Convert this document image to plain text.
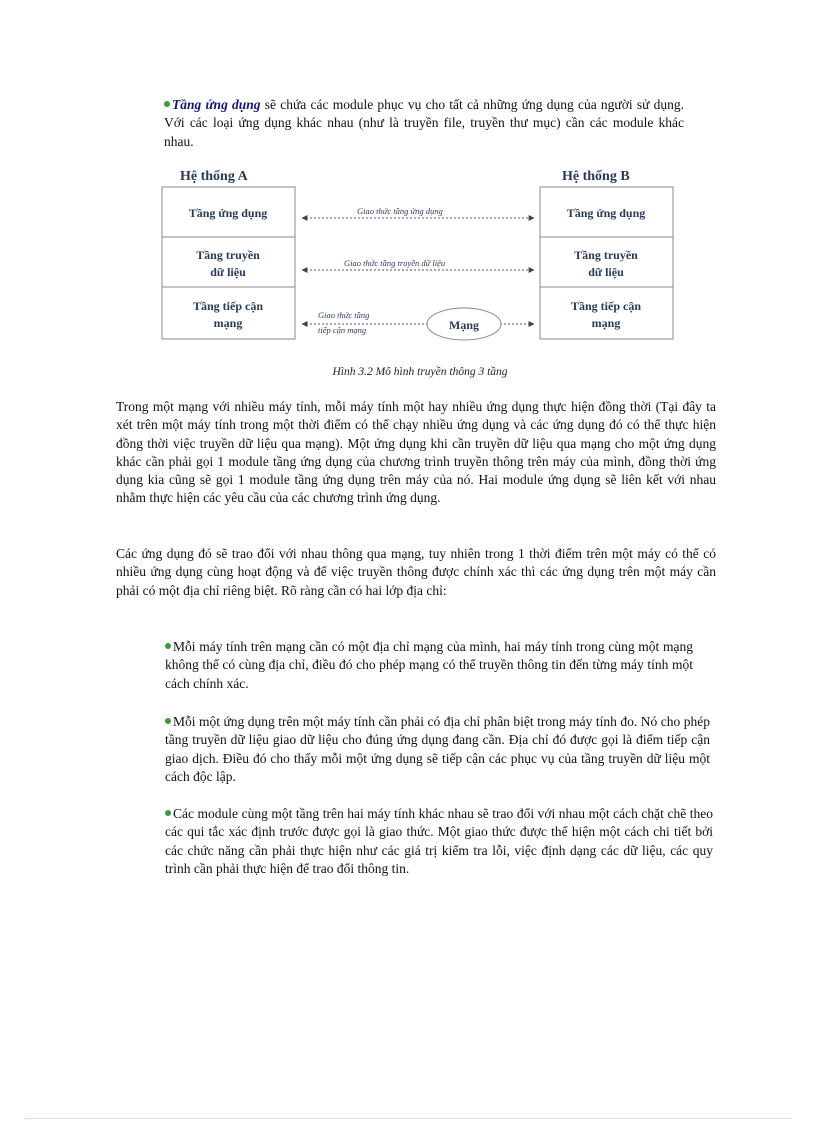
Tầng ứng dụng sẽ chứa các module phục vụ cho tất cả những ứng dụng của người sử dụng. Với các loại ứng dụng khác nhau (như là truyền file, truyền thư mục) cần các module khác nhau.
Hệ thống A	Hệ thống B
Tầng ứng dụng
Tầng truyền
dữ liệu
Tầng tiếp cận
mạng
Tầng ứng dụng
Tầng truyền
dữ liệu
Tầng tiếp cận
mạng
Giao thức tầng ứng dụng
Giao thức tầng truyền dữ liệu
Giao thức tầng
tiếp cận mạng	Mạng
Hình 3.2 Mô hình truyền thông 3 tầng
Trong một mạng với nhiều máy tính, mỗi máy tính một hay nhiều ứng dụng thực hiện đồng thời (Tại đây ta xét trên một máy tính trong một thời điểm có thể chạy nhiều ứng dụng và các ứng dụng đó có thể thực hiện đồng thời việc truyền dữ liệu qua mạng). Một ứng dụng khi cần truyền dữ liệu qua mạng cho một ứng dụng khác cần phải gọi 1 module tầng ứng dụng của chương trình truyền thông trên máy của mình, đồng thời ứng dụng kia cũng sẽ gọi 1 module tầng ứng dụng trên máy của nó. Hai module ứng dụng sẽ liên kết với nhau nhằm thực hiện các yêu cầu của các chương trình ứng dụng.
Các ứng dụng đó sẽ trao đổi với nhau thông qua mạng, tuy nhiên trong 1 thời điểm trên một máy có thể có nhiều ứng dụng cùng hoạt động và để việc truyền thông được chính xác thì các ứng dụng trên một máy cần phải có một địa chỉ riêng biệt. Rõ ràng cần có hai lớp địa chỉ:
Mỗi máy tính trên mạng cần có một địa chỉ mạng của mình, hai máy tính trong cùng một mạng không thể có cùng địa chỉ, điều đó cho phép mạng có thể truyền thông tin đến từng máy tính một cách chính xác.
Mỗi một ứng dụng trên một máy tính cần phải có địa chỉ phân biệt trong máy tính đo. Nó cho phép tầng truyền dữ liệu giao dữ liệu cho đúng ứng dụng đang cần. Địa chỉ đó được gọi là điểm tiếp cận giao dịch. Điều đó cho thấy mỗi một ứng dụng sẽ tiếp cận các phục vụ của tầng truyền dữ liệu một cách độc lập.
Các module cùng một tầng trên hai máy tính khác nhau sẽ trao đổi với nhau một cách chặt chẽ theo các qui tắc xác định trước được gọi là giao thức. Một giao thức được thể hiện một cách chi tiết bởi các chức năng cần phải thực hiện như các giá trị kiểm tra lỗi, việc định dạng các dữ liệu, các quy trình cần phải thực hiện để trao đổi thông tin.
